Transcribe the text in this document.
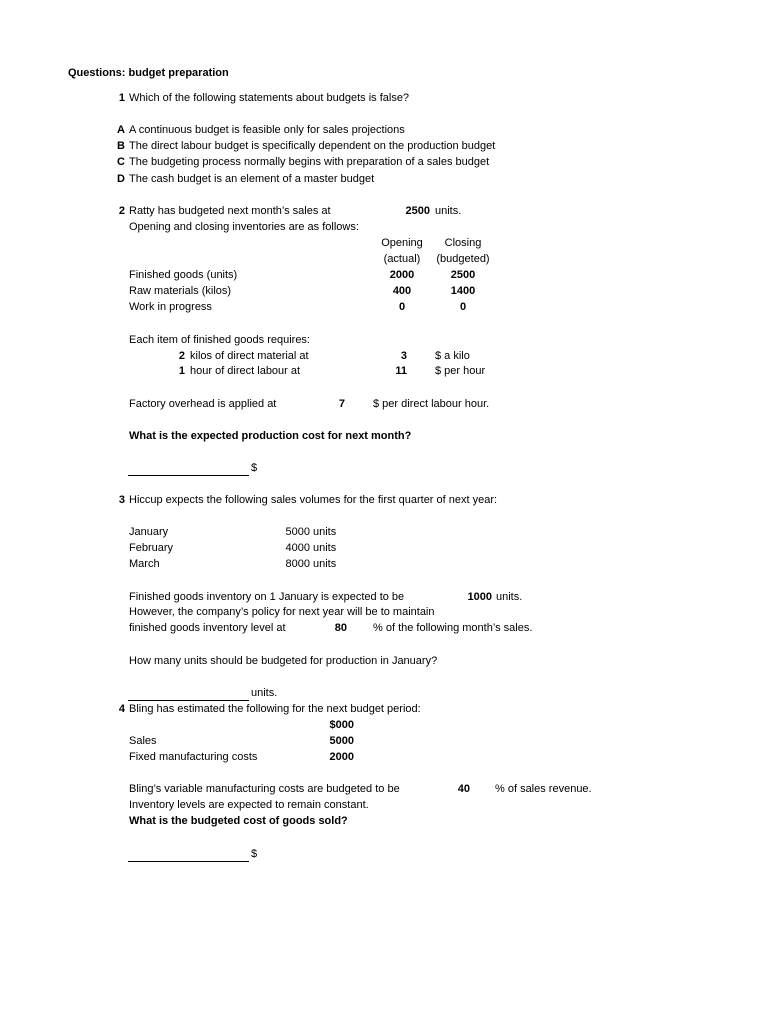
Questions: budget preparation
1 Which of the following statements about budgets is false?
A A continuous budget is feasible only for sales projections
B The direct labour budget is specifically dependent on the production budget
C The budgeting process normally begins with preparation of a sales budget
D The cash budget is an element of a master budget
2 Ratty has budgeted next month’s sales at	2500 units.
Opening and closing inventories are as follows:
Opening	Closing
(actual)	(budgeted)
Finished goods (units)	2000	2500
Raw materials (kilos)	400	1400
Work in progress	0	0
Each item of finished goods requires:
2 kilos of direct material at	3	$ a kilo
1 hour of direct labour at	11	$ per hour
Factory overhead is applied at	7	$ per direct labour hour.
What is the expected production cost for next month?
$
3 Hiccup expects the following sales volumes for the first quarter of next year:
January	5000 units
February	4000 units
March	8000 units
Finished goods inventory on 1 January is expected to be	1000 units.
However, the company’s policy for next year will be to maintain
finished goods inventory level at	80 % of the following month’s sales.
How many units should be budgeted for production in January?
units.
4 Bling has estimated the following for the next budget period:
$000
Sales	5000
Fixed manufacturing costs	2000
Bling’s variable manufacturing costs are budgeted to be	40 % of sales revenue.
Inventory levels are expected to remain constant.
What is the budgeted cost of goods sold?
$
